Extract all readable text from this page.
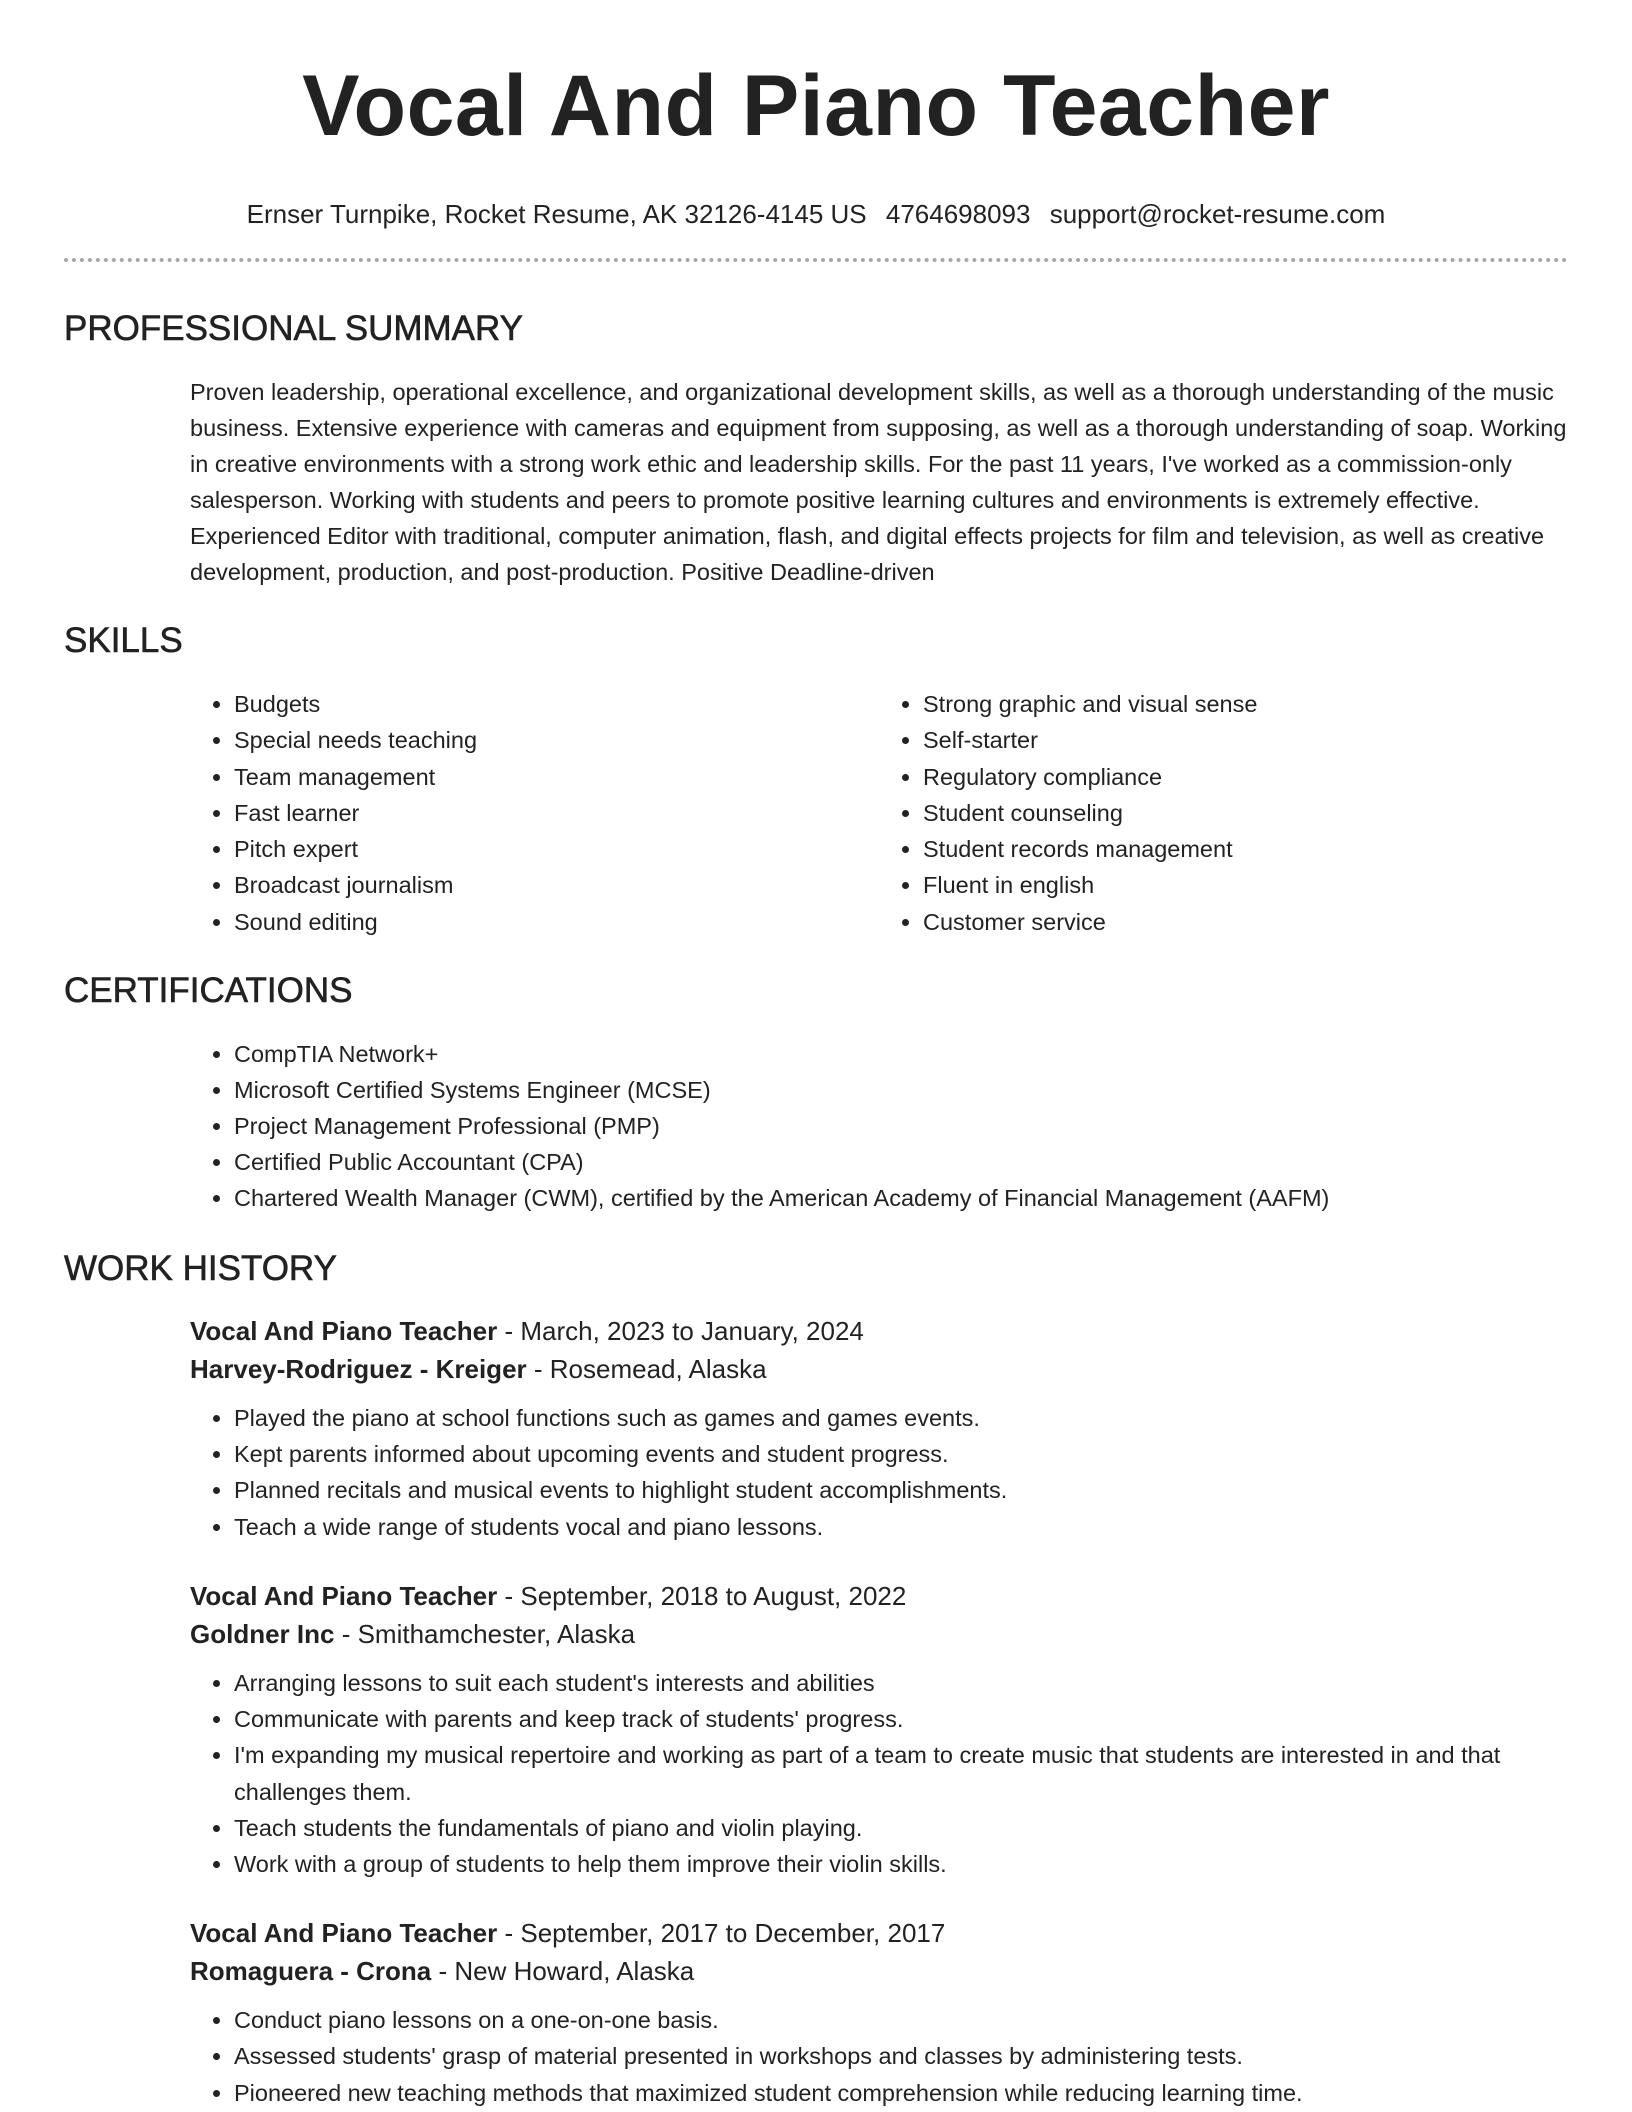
Vocal And Piano Teacher
Ernser Turnpike, Rocket Resume, AK 32126-4145 US 4764698093 support@rocket-resume.com
PROFESSIONAL SUMMARY

Proven leadership, operational excellence, and organizational development skills, as well as a thorough understanding of the music business. Extensive experience with cameras and equipment from supposing, as well as a thorough understanding of soap. Working in creative environments with a strong work ethic and leadership skills. For the past 11 years, I've worked as a commission-only salesperson. Working with students and peers to promote positive learning cultures and environments is extremely effective. Experienced Editor with traditional, computer animation, flash, and digital effects projects for film and television, as well as creative development, production, and post-production. Positive Deadline-driven

SKILLS
• Budgets
• Special needs teaching
• Team management
• Fast learner
• Pitch expert
• Broadcast journalism
• Sound editing
• Strong graphic and visual sense
• Self-starter
• Regulatory compliance
• Student counseling
• Student records management
• Fluent in english
• Customer service
CERTIFICATIONS
• CompTIA Network+
• Microsoft Certified Systems Engineer (MCSE)
• Project Management Professional (PMP)
• Certified Public Accountant (CPA)
• Chartered Wealth Manager (CWM), certified by the American Academy of Financial Management (AAFM)
WORK HISTORY
Vocal And Piano Teacher - March, 2023 to January, 2024
Harvey-Rodriguez - Kreiger - Rosemead, Alaska
• Played the piano at school functions such as games and games events.
• Kept parents informed about upcoming events and student progress.
• Planned recitals and musical events to highlight student accomplishments.
• Teach a wide range of students vocal and piano lessons.
Vocal And Piano Teacher - September, 2018 to August, 2022
Goldner Inc - Smithamchester, Alaska
• Arranging lessons to suit each student's interests and abilities
• Communicate with parents and keep track of students' progress.
• I'm expanding my musical repertoire and working as part of a team to create music that students are interested in and that challenges them.
• Teach students the fundamentals of piano and violin playing.
• Work with a group of students to help them improve their violin skills.
Vocal And Piano Teacher - September, 2017 to December, 2017
Romaguera - Crona - New Howard, Alaska
• Conduct piano lessons on a one-on-one basis.
• Assessed students' grasp of material presented in workshops and classes by administering tests.
• Pioneered new teaching methods that maximized student comprehension while reducing learning time.
